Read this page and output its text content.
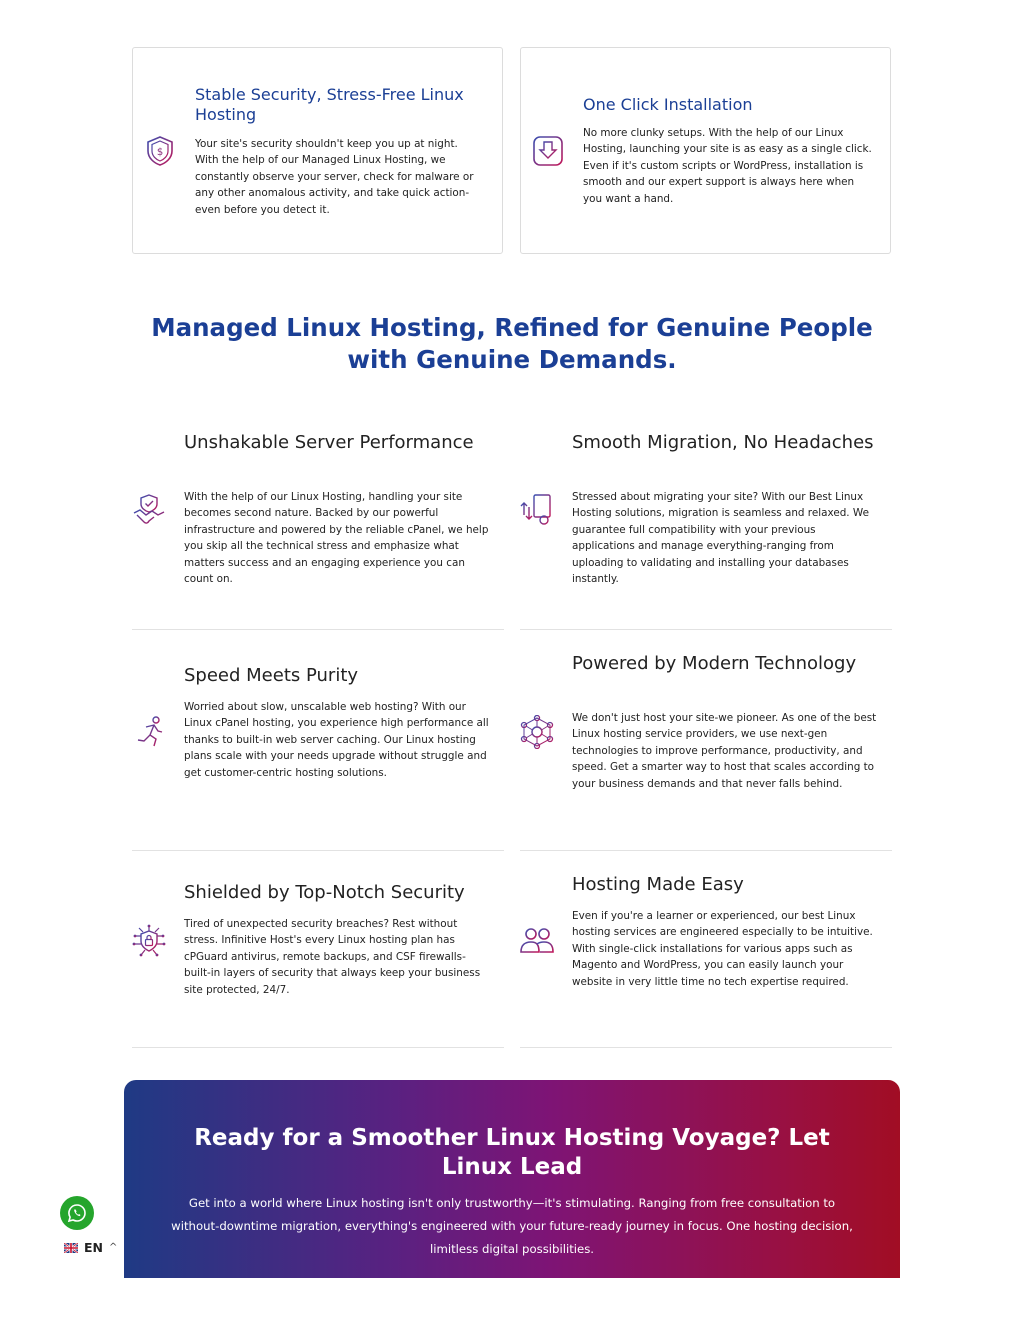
$
Stable Security, Stress-Free Linux Hosting

Your site's security shouldn't keep you up at night. With the help of our Managed Linux Hosting, we constantly observe your server, check for malware or any other anomalous activity, and take quick action-even before you detect it.

One Click Installation

No more clunky setups. With the help of our Linux Hosting, launching your site is as easy as a single click. Even if it's custom scripts or WordPress, installation is smooth and our expert support is always here when you want a hand.

Managed Linux Hosting, Refined for Genuine People with Genuine Demands.
Unshakable Server Performance

With the help of our Linux Hosting, handling your site becomes second nature. Backed by our powerful infrastructure and powered by the reliable cPanel, we help you skip all the technical stress and emphasize what matters success and an engaging experience you can count on.

Smooth Migration, No Headaches

Stressed about migrating your site? With our Best Linux Hosting solutions, migration is seamless and relaxed. We guarantee full compatibility with your previous applications and manage everything-ranging from uploading to validating and installing your databases instantly.

Speed Meets Purity

Worried about slow, unscalable web hosting? With our Linux cPanel hosting, you experience high performance all thanks to built-in web server caching. Our Linux hosting plans scale with your needs upgrade without struggle and get customer-centric hosting solutions.

Powered by Modern Technology

We don't just host your site-we pioneer. As one of the best Linux hosting service providers, we use next-gen technologies to improve performance, productivity, and speed. Get a smarter way to host that scales according to your business demands and that never falls behind.

Shielded by Top-Notch Security

Tired of unexpected security breaches? Rest without stress. Infinitive Host's every Linux hosting plan has cPGuard antivirus, remote backups, and CSF firewalls-built-in layers of security that always keep your business site protected, 24/7.

Hosting Made Easy

Even if you're a learner or experienced, our best Linux hosting services are engineered especially to be intuitive. With single-click installations for various apps such as Magento and WordPress, you can easily launch your website in very little time no tech expertise required.

Ready for a Smoother Linux Hosting Voyage? Let Linux Lead

Get into a world where Linux hosting isn't only trustworthy—it's stimulating. Ranging from free consultation to without-downtime migration, everything's engineered with your future-ready journey in focus. One hosting decision, limitless digital possibilities.

EN ^
